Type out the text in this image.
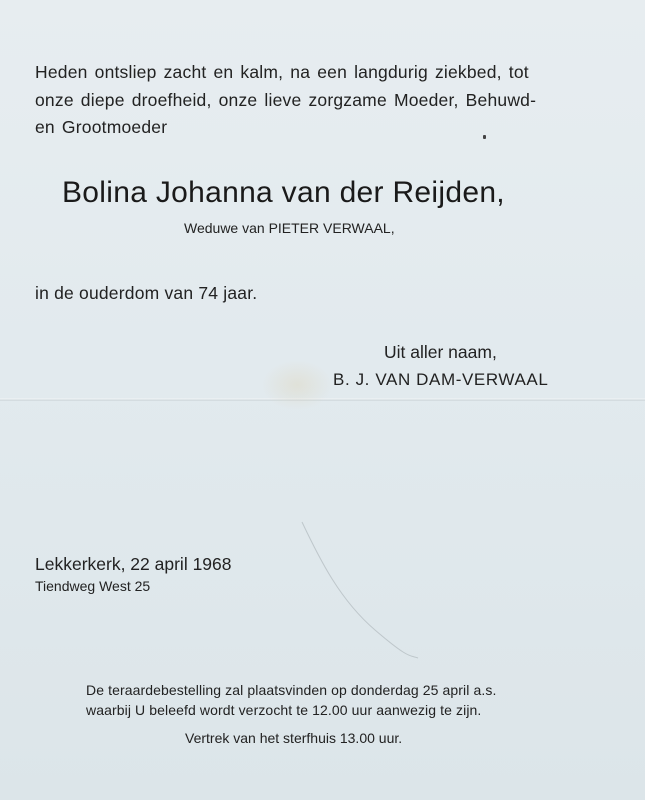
Heden ontsliep zacht en kalm, na een langdurig ziekbed, tot

onze diepe droefheid, onze lieve zorgzame Moeder, Behuwd-

en Grootmoeder

Bolina Johanna van der Reijden,

Weduwe van PIETER VERWAAL,

in de ouderdom van 74 jaar.

Uit aller naam,

B. J. VAN DAM-VERWAAL

Lekkerkerk, 22 april 1968

Tiendweg West 25

De teraardebestelling zal plaatsvinden op donderdag 25 april a.s.

waarbij U beleefd wordt verzocht te 12.00 uur aanwezig te zijn.

Vertrek van het sterfhuis 13.00 uur.
